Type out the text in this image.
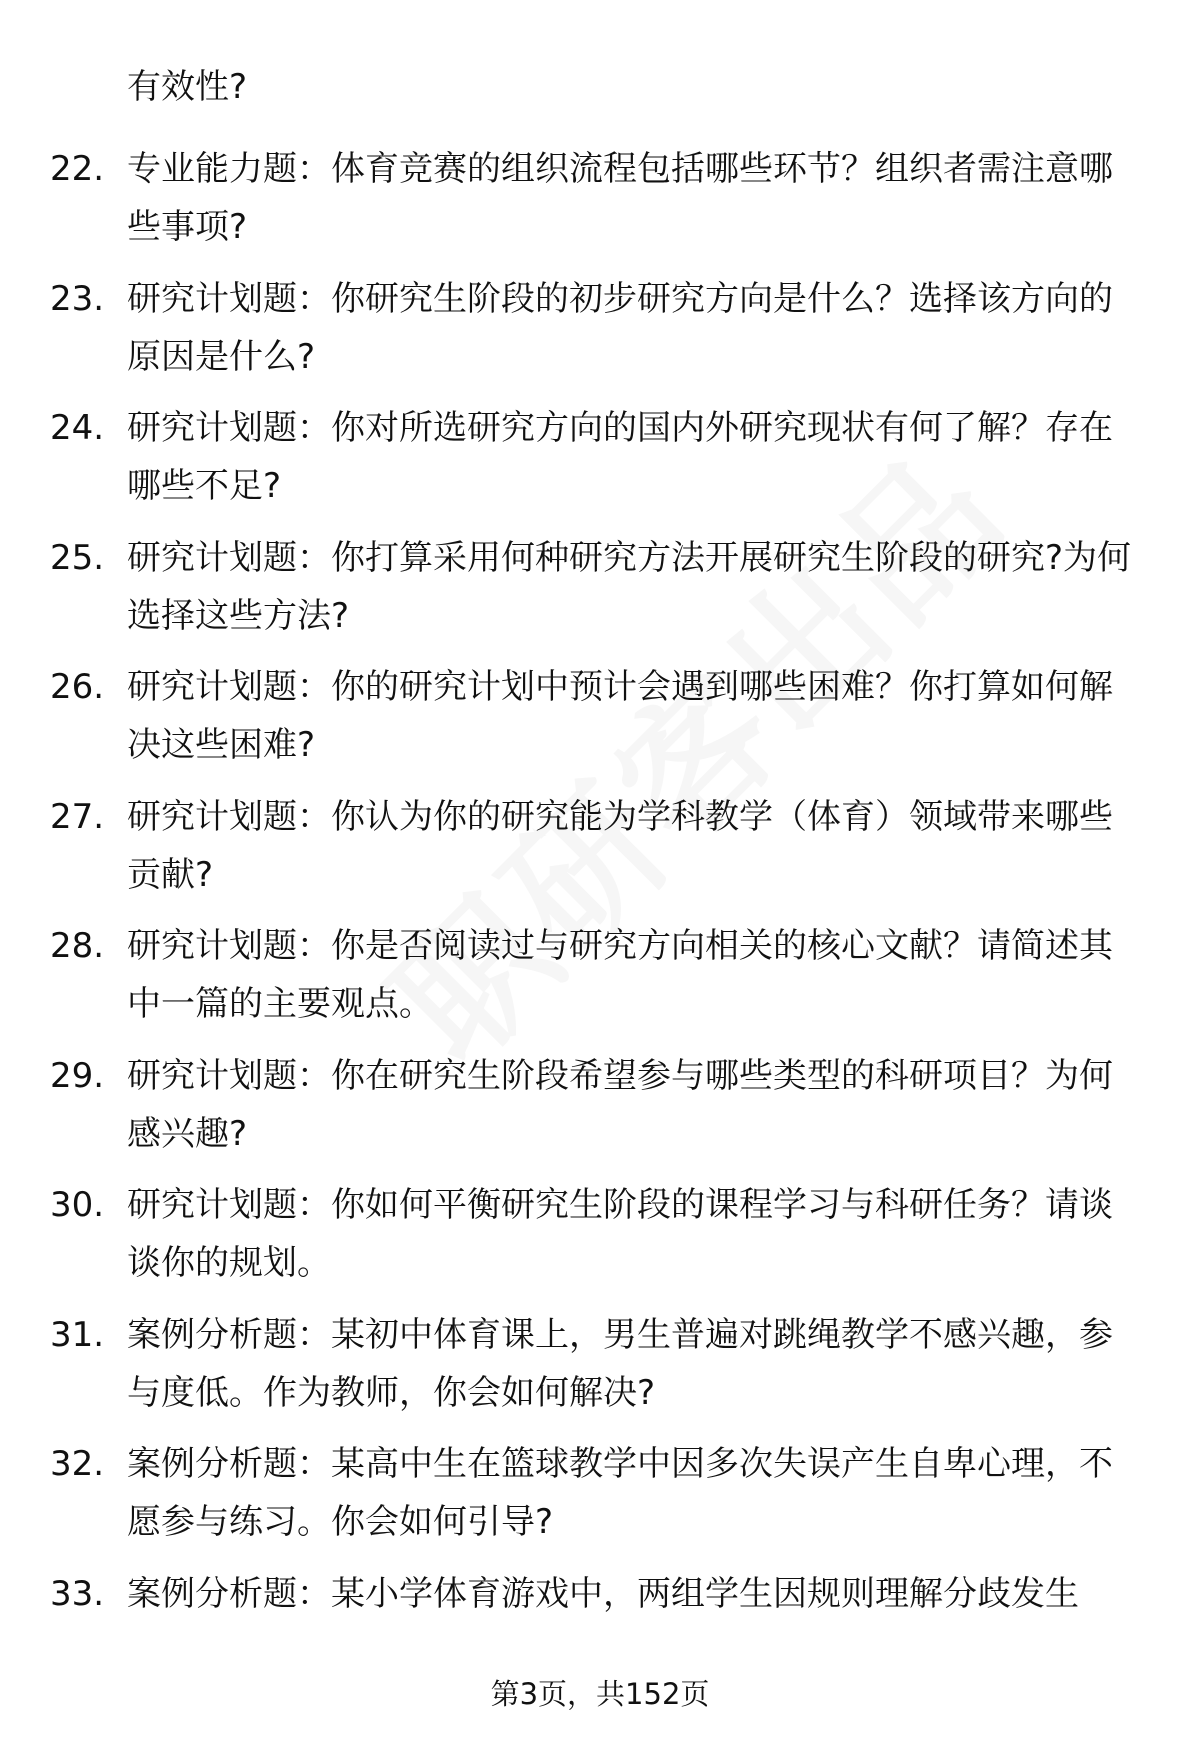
有效性?
22. 专业能力题：体育竞赛的组织流程包括哪些环节？组织者需注意哪些事项?
23. 研究计划题：你研究生阶段的初步研究方向是什么？选择该方向的原因是什么?
24. 研究计划题：你对所选研究方向的国内外研究现状有何了解？存在哪些不足?
25. 研究计划题：你打算采用何种研究方法开展研究生阶段的研究?为何选择这些方法?
26. 研究计划题：你的研究计划中预计会遇到哪些困难？你打算如何解决这些困难?
27. 研究计划题：你认为你的研究能为学科教学（体育）领域带来哪些贡献?
28. 研究计划题：你是否阅读过与研究方向相关的核心文献？请简述其中一篇的主要观点。
29. 研究计划题：你在研究生阶段希望参与哪些类型的科研项目？为何感兴趣?
30. 研究计划题：你如何平衡研究生阶段的课程学习与科研任务？请谈谈你的规划。
31. 案例分析题：某初中体育课上，男生普遍对跳绳教学不感兴趣，参与度低。作为教师，你会如何解决?
32. 案例分析题：某高中生在篮球教学中因多次失误产生自卑心理，不愿参与练习。你会如何引导?
33. 案例分析题：某小学体育游戏中，两组学生因规则理解分歧发生
第3页，共152页
